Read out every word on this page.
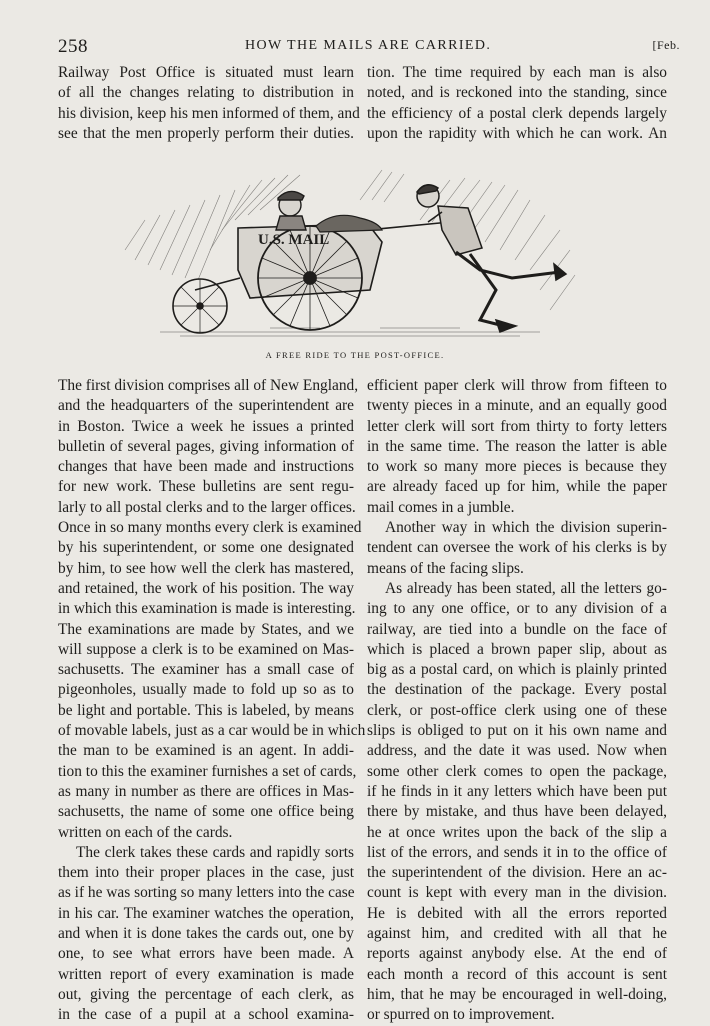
258	HOW THE MAILS ARE CARRIED.	[Feb.
Railway Post Office is situated must learn
of all the changes relating to distribution in
his division, keep his men informed of them, and
see that the men properly perform their duties.
tion. The time required by each man is also
noted, and is reckoned into the standing, since
the efficiency of a postal clerk depends largely
upon the rapidity with which he can work. An
U.S. MAIL
A FREE RIDE TO THE POST-OFFICE.
The first division comprises all of New England,
and the headquarters of the superintendent are
in Boston. Twice a week he issues a printed
bulletin of several pages, giving information of
changes that have been made and instructions
for new work. These bulletins are sent regu-
larly to all postal clerks and to the larger offices.
Once in so many months every clerk is examined
by his superintendent, or some one designated
by him, to see how well the clerk has mastered,
and retained, the work of his position. The way
in which this examination is made is interesting.
The examinations are made by States, and we
will suppose a clerk is to be examined on Mas-
sachusetts. The examiner has a small case of
pigeonholes, usually made to fold up so as to
be light and portable. This is labeled, by means
of movable labels, just as a car would be in which
the man to be examined is an agent. In addi-
tion to this the examiner furnishes a set of cards,
as many in number as there are offices in Mas-
sachusetts, the name of some one office being
written on each of the cards.
The clerk takes these cards and rapidly sorts
them into their proper places in the case, just
as if he was sorting so many letters into the case
in his car. The examiner watches the operation,
and when it is done takes the cards out, one by
one, to see what errors have been made. A
written report of every examination is made
out, giving the percentage of each clerk, as
in the case of a pupil at a school examina-
efficient paper clerk will throw from fifteen to
twenty pieces in a minute, and an equally good
letter clerk will sort from thirty to forty letters
in the same time. The reason the latter is able
to work so many more pieces is because they
are already faced up for him, while the paper
mail comes in a jumble.
Another way in which the division superin-
tendent can oversee the work of his clerks is by
means of the facing slips.
As already has been stated, all the letters go-
ing to any one office, or to any division of a
railway, are tied into a bundle on the face of
which is placed a brown paper slip, about as
big as a postal card, on which is plainly printed
the destination of the package. Every postal
clerk, or post-office clerk using one of these
slips is obliged to put on it his own name and
address, and the date it was used. Now when
some other clerk comes to open the package,
if he finds in it any letters which have been put
there by mistake, and thus have been delayed,
he at once writes upon the back of the slip a
list of the errors, and sends it in to the office of
the superintendent of the division. Here an ac-
count is kept with every man in the division.
He is debited with all the errors reported
against him, and credited with all that he
reports against anybody else. At the end of
each month a record of this account is sent
him, that he may be encouraged in well-doing,
or spurred on to improvement.
